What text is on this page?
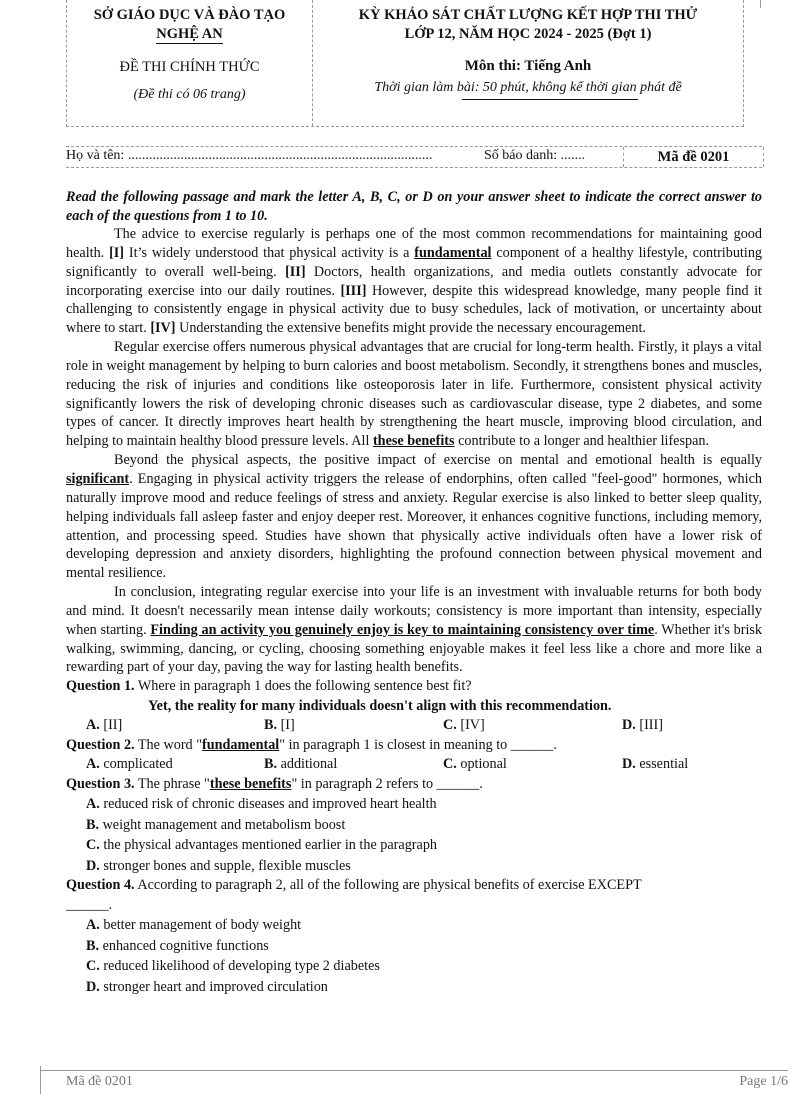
SỞ GIÁO DỤC VÀ ĐÀO TẠO
NGHỆ AN
ĐỀ THI CHÍNH THỨC
(Đề thi có 06 trang)
KỲ KHẢO SÁT CHẤT LƯỢNG KẾT HỢP THI THỬ
LỚP 12, NĂM HỌC 2024 - 2025 (Đợt 1)
Môn thi: Tiếng Anh
Thời gian làm bài: 50 phút, không kể thời gian phát đề
Họ và tên: .......................................................................................	Số báo danh: .......	Mã đề 0201

Read the following passage and mark the letter A, B, C, or D on your answer sheet to indicate the correct answer to each of the questions from 1 to 10.

The advice to exercise regularly is perhaps one of the most common recommendations for maintaining good health. [I] It’s widely understood that physical activity is a fundamental component of a healthy lifestyle, contributing significantly to overall well-being. [II] Doctors, health organizations, and media outlets constantly advocate for incorporating exercise into our daily routines. [III] However, despite this widespread knowledge, many people find it challenging to consistently engage in physical activity due to busy schedules, lack of motivation, or uncertainty about where to start. [IV] Understanding the extensive benefits might provide the necessary encouragement.

Regular exercise offers numerous physical advantages that are crucial for long-term health. Firstly, it plays a vital role in weight management by helping to burn calories and boost metabolism. Secondly, it strengthens bones and muscles, reducing the risk of injuries and conditions like osteoporosis later in life. Furthermore, consistent physical activity significantly lowers the risk of developing chronic diseases such as cardiovascular disease, type 2 diabetes, and some types of cancer. It directly improves heart health by strengthening the heart muscle, improving blood circulation, and helping to maintain healthy blood pressure levels. All these benefits contribute to a longer and healthier lifespan.

Beyond the physical aspects, the positive impact of exercise on mental and emotional health is equally significant. Engaging in physical activity triggers the release of endorphins, often called "feel-good" hormones, which naturally improve mood and reduce feelings of stress and anxiety. Regular exercise is also linked to better sleep quality, helping individuals fall asleep faster and enjoy deeper rest. Moreover, it enhances cognitive functions, including memory, attention, and processing speed. Studies have shown that physically active individuals often have a lower risk of developing depression and anxiety disorders, highlighting the profound connection between physical movement and mental resilience.

In conclusion, integrating regular exercise into your life is an investment with invaluable returns for both body and mind. It doesn't necessarily mean intense daily workouts; consistency is more important than intensity, especially when starting. Finding an activity you genuinely enjoy is key to maintaining consistency over time. Whether it's brisk walking, swimming, dancing, or cycling, choosing something enjoyable makes it feel less like a chore and more like a rewarding part of your day, paving the way for lasting health benefits.

Question 1. Where in paragraph 1 does the following sentence best fit?

Yet, the reality for many individuals doesn't align with this recommendation.

A. [II]	B. [I]	C. [IV]	D. [III]

Question 2. The word "fundamental" in paragraph 1 is closest in meaning to ______.

A. complicated	B. additional	C. optional	D. essential

Question 3. The phrase "these benefits" in paragraph 2 refers to ______.

A. reduced risk of chronic diseases and improved heart health

B. weight management and metabolism boost

C. the physical advantages mentioned earlier in the paragraph

D. stronger bones and supple, flexible muscles

Question 4. According to paragraph 2, all of the following are physical benefits of exercise EXCEPT

______.

A. better management of body weight

B. enhanced cognitive functions

C. reduced likelihood of developing type 2 diabetes

D. stronger heart and improved circulation

Mã đề 0201	Page 1/6
